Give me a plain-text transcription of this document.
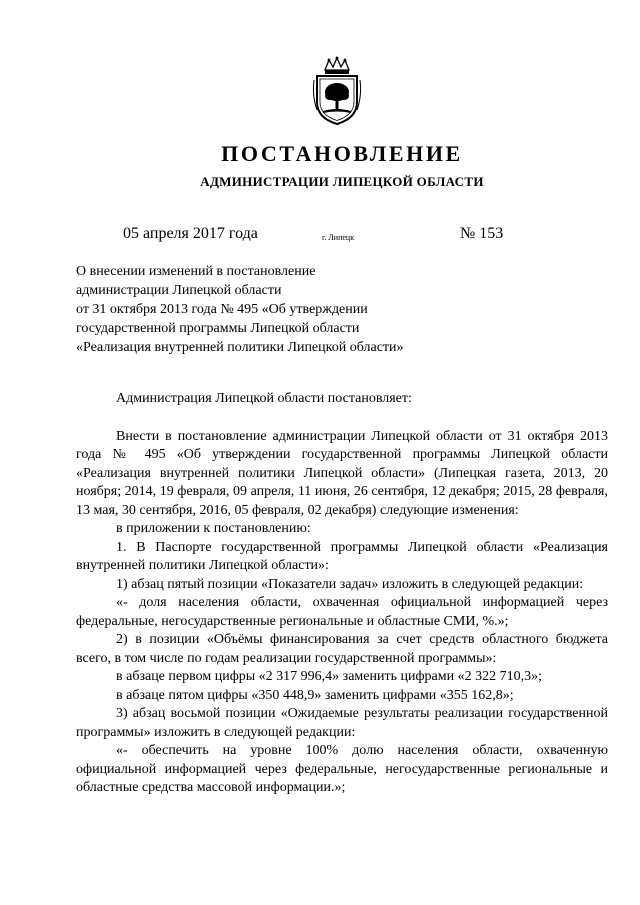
ПОСТАНОВЛЕНИЕ
АДМИНИСТРАЦИИ ЛИПЕЦКОЙ ОБЛАСТИ
05 апреля 2017 года	г. Липецк	№ 153
О внесении изменений в постановление
администрации Липецкой области
от 31 октября 2013 года № 495 «Об утверждении
государственной программы Липецкой области
«Реализация внутренней политики Липецкой области»

Администрация Липецкой области постановляет:

Внести в постановление администрации Липецкой области от 31 октября 2013 года № 495 «Об утверждении государственной программы Липецкой области «Реализация внутренней политики Липецкой области» (Липецкая газета, 2013, 20 ноября; 2014, 19 февраля, 09 апреля, 11 июня, 26 сентября, 12 декабря; 2015, 28 февраля, 13 мая, 30 сентября, 2016, 05 февраля, 02 декабря) следующие изменения:

в приложении к постановлению:

1. В Паспорте государственной программы Липецкой области «Реализация внутренней политики Липецкой области»:

1) абзац пятый позиции «Показатели задач» изложить в следующей редакции:

«- доля населения области, охваченная официальной информацией через федеральные, негосударственные региональные и областные СМИ, %.»;

2) в позиции «Объёмы финансирования за счет средств областного бюджета всего, в том числе по годам реализации государственной программы»:

в абзаце первом цифры «2 317 996,4» заменить цифрами «2 322 710,3»;

в абзаце пятом цифры «350 448,9» заменить цифрами «355 162,8»;

3) абзац восьмой позиции «Ожидаемые результаты реализации государственной программы» изложить в следующей редакции:

«- обеспечить на уровне 100% долю населения области, охваченную официальной информацией через федеральные, негосударственные региональные и областные средства массовой информации.»;
